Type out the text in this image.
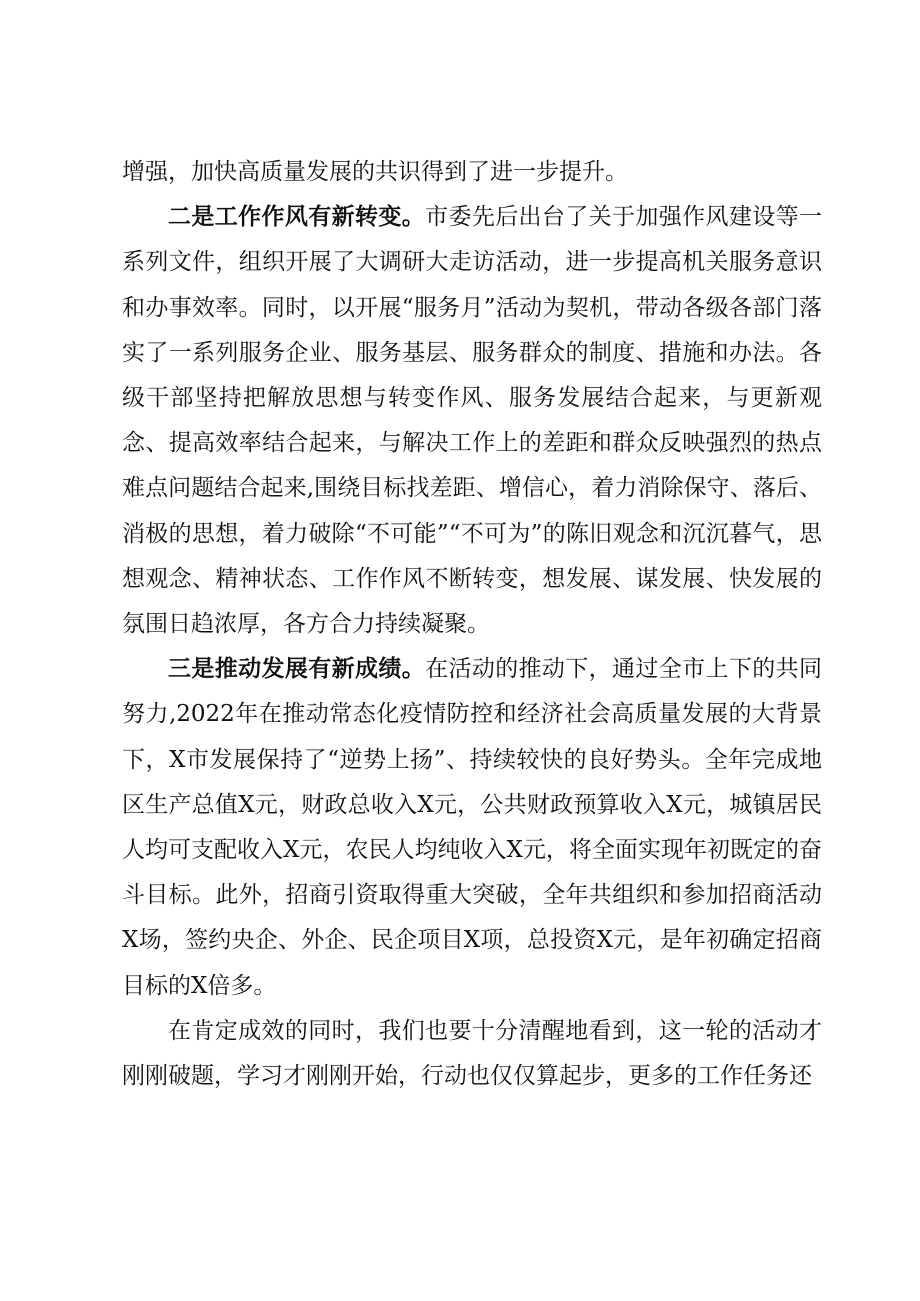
增强，加快高质量发展的共识得到了进一步提升。

二是工作作风有新转变。市委先后出台了关于加强作风建设等一系列文件，组织开展了大调研大走访活动，进一步提高机关服务意识和办事效率。同时，以开展“服务月”活动为契机，带动各级各部门落实了一系列服务企业、服务基层、服务群众的制度、措施和办法。各级干部坚持把解放思想与转变作风、服务发展结合起来，与更新观念、提高效率结合起来，与解决工作上的差距和群众反映强烈的热点难点问题结合起来,围绕目标找差距、增信心，着力消除保守、落后、消极的思想，着力破除“不可能”“不可为”的陈旧观念和沉沉暮气，思想观念、精神状态、工作作风不断转变，想发展、谋发展、快发展的氛围日趋浓厚，各方合力持续凝聚。

三是推动发展有新成绩。在活动的推动下，通过全市上下的共同努力,2022年在推动常态化疫情防控和经济社会高质量发展的大背景下，X市发展保持了“逆势上扬”、持续较快的良好势头。全年完成地区生产总值X元，财政总收入X元，公共财政预算收入X元，城镇居民人均可支配收入X元，农民人均纯收入X元，将全面实现年初既定的奋斗目标。此外，招商引资取得重大突破，全年共组织和参加招商活动X场，签约央企、外企、民企项目X项，总投资X元，是年初确定招商目标的X倍多。

在肯定成效的同时，我们也要十分清醒地看到，这一轮的活动才刚刚破题，学习才刚刚开始，行动也仅仅算起步，更多的工作任务还
